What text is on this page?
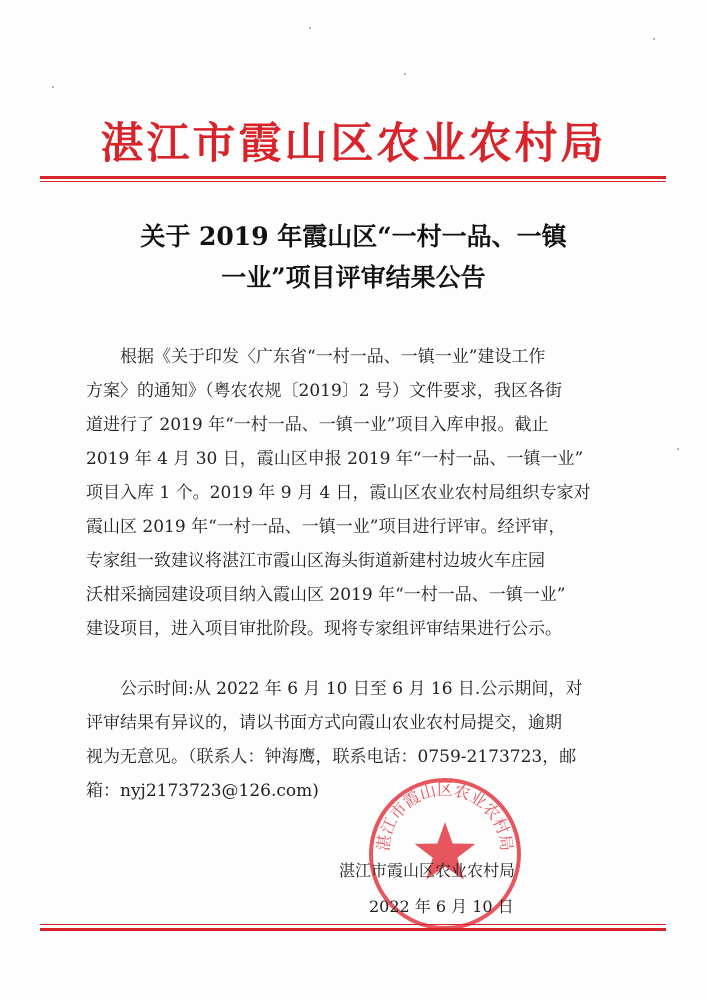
湛江市霞山区农业农村局
关于 2019 年霞山区“一村一品、一镇
一业”项目评审结果公告
根据《关于印发〈广东省“一村一品、一镇一业”建设工作
方案〉的通知》（粤农农规〔2019〕2 号）文件要求，我区各街
道进行了 2019 年“一村一品、一镇一业”项目入库申报。截止
2019 年 4 月 30 日，霞山区申报 2019 年“一村一品、一镇一业”
项目入库 1 个。2019 年 9 月 4 日，霞山区农业农村局组织专家对
霞山区 2019 年“一村一品、一镇一业”项目进行评审。经评审，
专家组一致建议将湛江市霞山区海头街道新建村边坡火车庄园
沃柑采摘园建设项目纳入霞山区 2019 年“一村一品、一镇一业”
建设项目，进入项目审批阶段。现将专家组评审结果进行公示。
公示时间:从 2022 年 6 月 10 日至 6 月 16 日.公示期间，对
评审结果有异议的，请以书面方式向霞山农业农村局提交，逾期
视为无意见。（联系人：钟海鹰，联系电话：0759-2173723，邮
箱：nyj2173723@126.com)
湛江市霞山区农业农村局
湛江市霞山区农业农村局
2022 年 6 月 10 日
